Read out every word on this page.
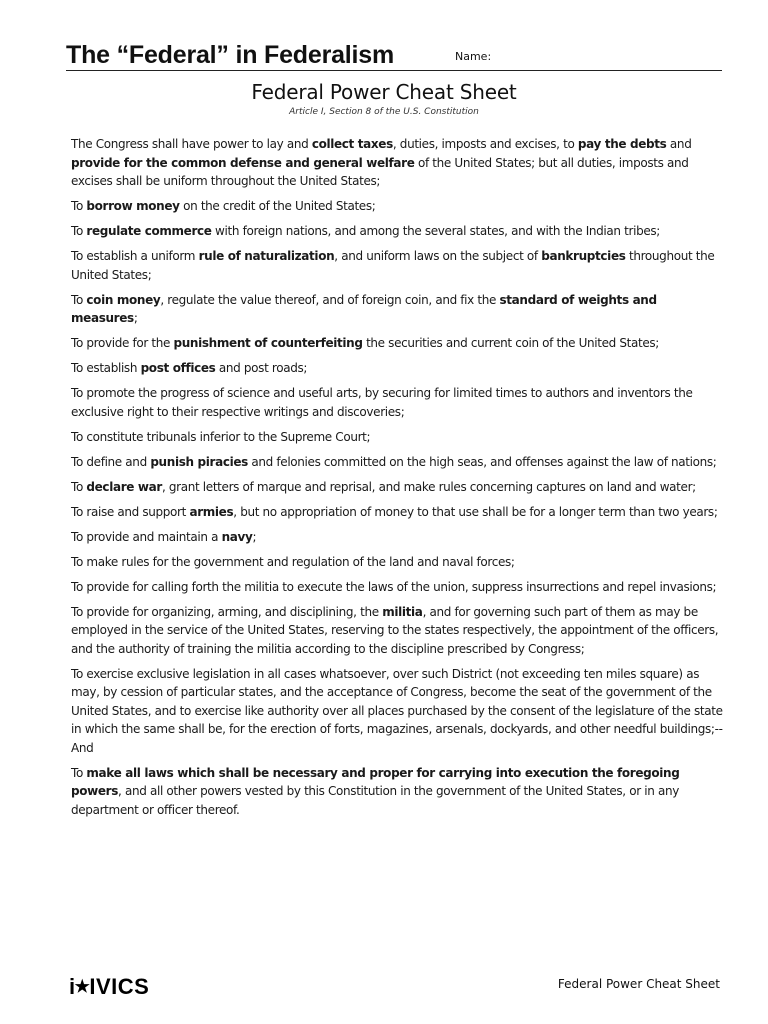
The “Federal” in Federalism	Name:
Federal Power Cheat Sheet
Article I, Section 8 of the U.S. Constitution

The Congress shall have power to lay and collect taxes, duties, imposts and excises, to pay the debts and provide for the common defense and general welfare of the United States; but all duties, imposts and excises shall be uniform throughout the United States;

To borrow money on the credit of the United States;

To regulate commerce with foreign nations, and among the several states, and with the Indian tribes;

To establish a uniform rule of naturalization, and uniform laws on the subject of bankruptcies throughout the United States;

To coin money, regulate the value thereof, and of foreign coin, and fix the standard of weights and measures;

To provide for the punishment of counterfeiting the securities and current coin of the United States;

To establish post offices and post roads;

To promote the progress of science and useful arts, by securing for limited times to authors and inventors the exclusive right to their respective writings and discoveries;

To constitute tribunals inferior to the Supreme Court;

To define and punish piracies and felonies committed on the high seas, and offenses against the law of nations;

To declare war, grant letters of marque and reprisal, and make rules concerning captures on land and water;

To raise and support armies, but no appropriation of money to that use shall be for a longer term than two years;

To provide and maintain a navy;

To make rules for the government and regulation of the land and naval forces;

To provide for calling forth the militia to execute the laws of the union, suppress insurrections and repel invasions;

To provide for organizing, arming, and disciplining, the militia, and for governing such part of them as may be employed in the service of the United States, reserving to the states respectively, the appointment of the officers, and the authority of training the militia according to the discipline prescribed by Congress;

To exercise exclusive legislation in all cases whatsoever, over such District (not exceeding ten miles square) as may, by cession of particular states, and the acceptance of Congress, become the seat of the government of the United States, and to exercise like authority over all places purchased by the consent of the legislature of the state in which the same shall be, for the erection of forts, magazines, arsenals, dockyards, and other needful buildings;--And

To make all laws which shall be necessary and proper for carrying into execution the foregoing powers, and all other powers vested by this Constitution in the government of the United States, or in any department or officer thereof.

i★IVICS	Federal Power Cheat Sheet
